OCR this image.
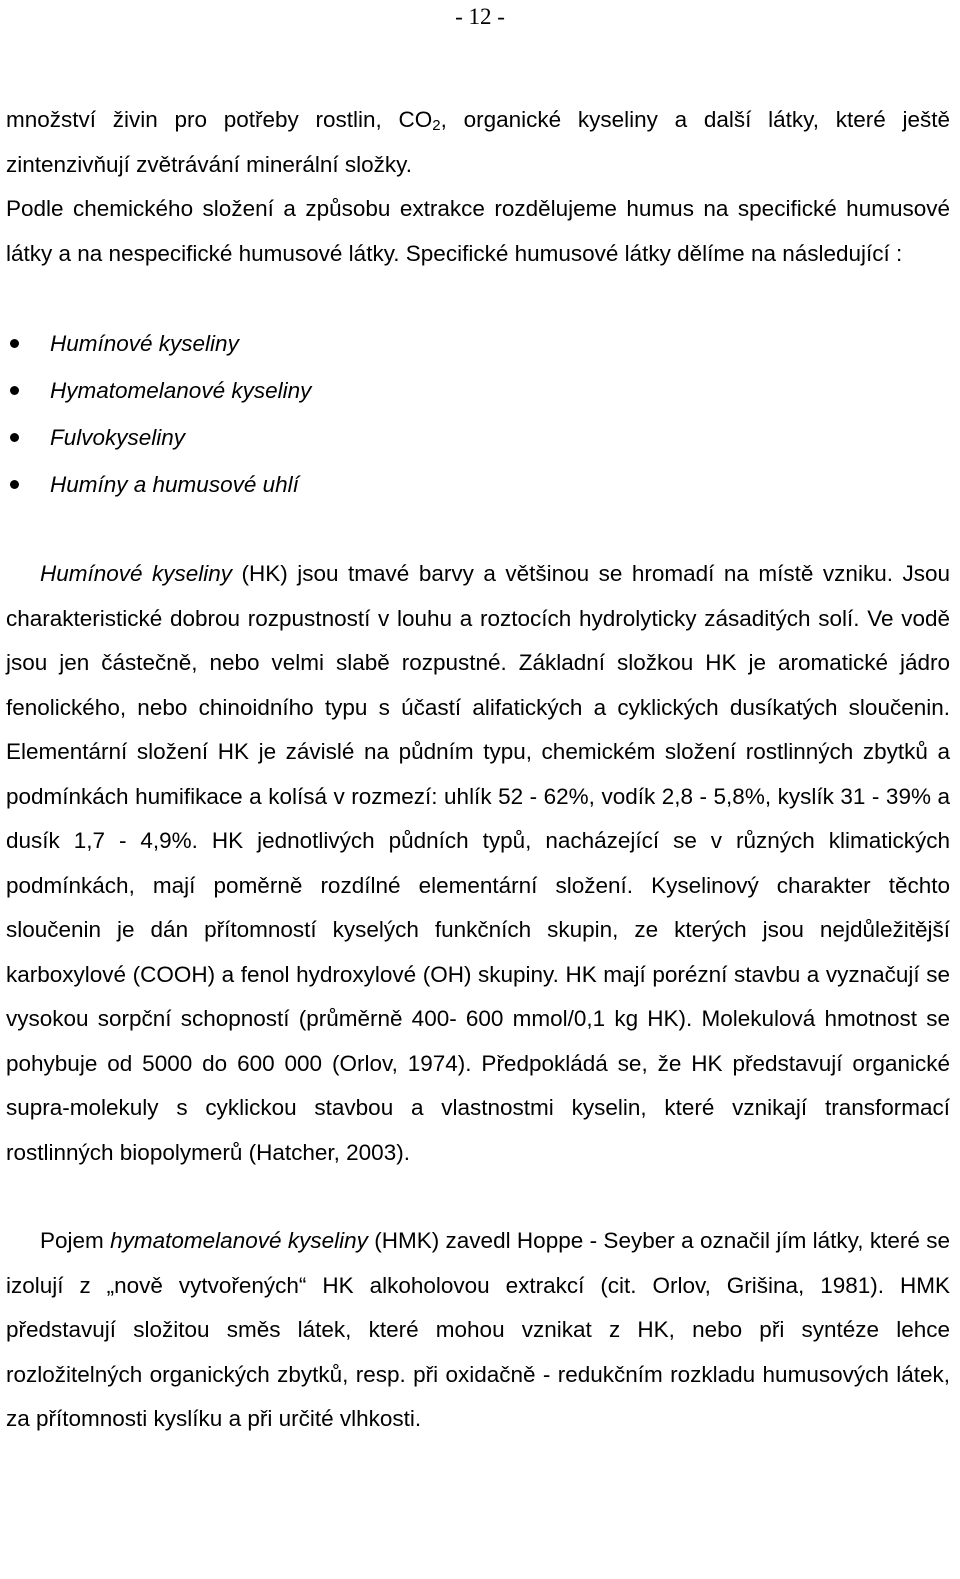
- 12 -

množství živin pro potřeby rostlin, $CO_2$, organické kyseliny a další látky, které ještě zintenzivňují zvětrávání minerální složky.

Podle chemického složení a způsobu extrakce rozdělujeme humus na specifické humusové látky a na nespecifické humusové látky. Specifické humusové látky dělíme na následující :

Humínové kyseliny
Hymatomelanové kyseliny
Fulvokyseliny
Humíny a humusové uhlí

Humínové kyseliny (HK) jsou tmavé barvy a většinou se hromadí na místě vzniku. Jsou charakteristické dobrou rozpustností v louhu a roztocích hydrolyticky zásaditých solí. Ve vodě jsou jen částečně, nebo velmi slabě rozpustné. Základní složkou HK je aromatické jádro fenolického, nebo chinoidního typu s účastí alifatických a cyklických dusíkatých sloučenin. Elementární složení HK je závislé na půdním typu, chemickém složení rostlinných zbytků a podmínkách humifikace a kolísá v rozmezí: uhlík 52 - 62%, vodík 2,8 - 5,8%, kyslík 31 - 39% a dusík 1,7 - 4,9%. HK jednotlivých půdních typů, nacházející se v různých klimatických podmínkách, mají poměrně rozdílné elementární složení. Kyselinový charakter těchto sloučenin je dán přítomností kyselých funkčních skupin, ze kterých jsou nejdůležitější karboxylové (COOH) a fenol hydroxylové (OH) skupiny. HK mají porézní stavbu a vyznačují se vysokou sorpční schopností (průměrně 400- 600 mmol/0,1 kg HK). Molekulová hmotnost se pohybuje od 5000 do 600 000 (Orlov, 1974). Předpokládá se, že HK představují organické supra-molekuly s cyklickou stavbou a vlastnostmi kyselin, které vznikají transformací rostlinných biopolymerů (Hatcher, 2003).

Pojem hymatomelanové kyseliny (HMK) zavedl Hoppe - Seyber a označil jím látky, které se izolují z „nově vytvořených“ HK alkoholovou extrakcí (cit. Orlov, Grišina, 1981). HMK představují složitou směs látek, které mohou vznikat z HK, nebo při syntéze lehce rozložitelných organických zbytků, resp. při oxidačně - redukčním rozkladu humusových látek, za přítomnosti kyslíku a při určité vlhkosti.
